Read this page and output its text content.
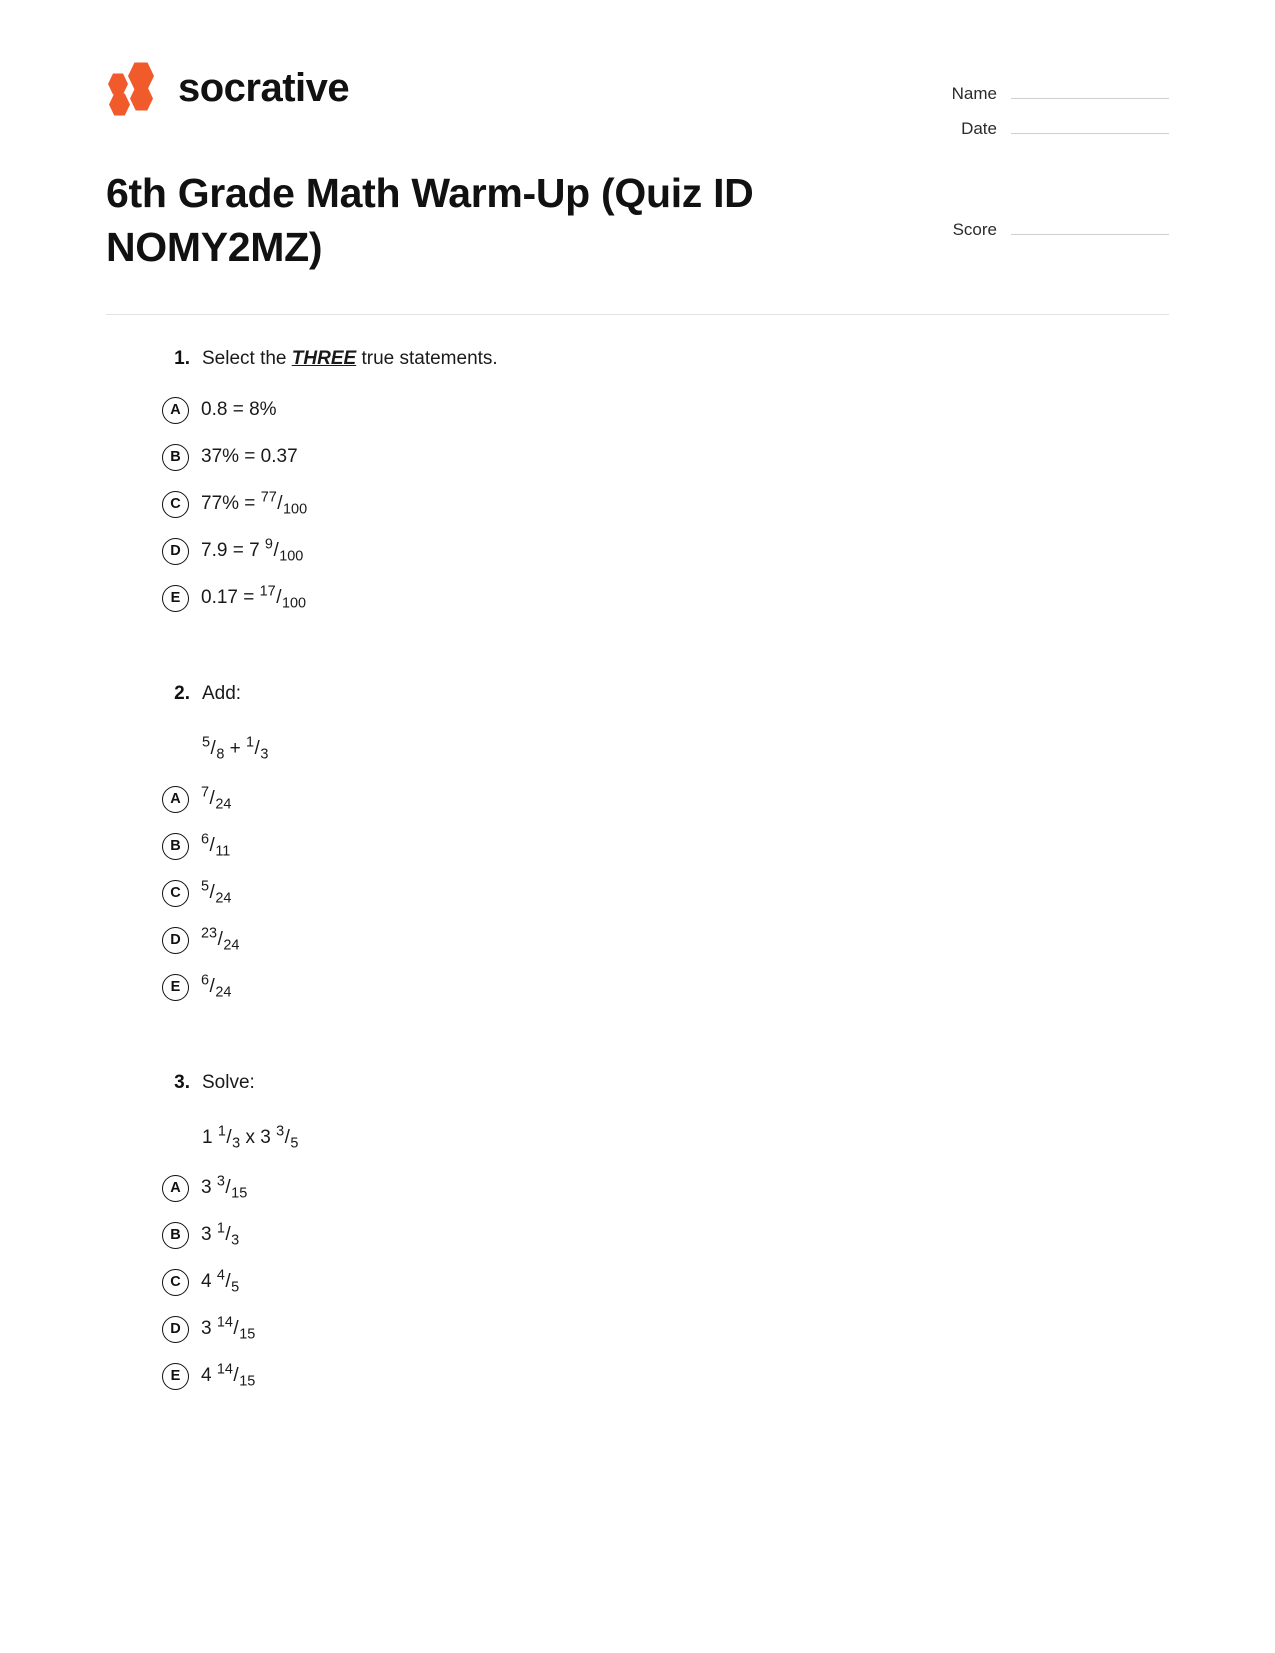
socrative
6th Grade Math Warm-Up (Quiz ID NOMY2MZ)
Name
Date
Score
1. Select the THREE true statements.
A	0.8 = 8%
B	37% = 0.37
C	$77\% = ^{77}/_{100}$
D	7.9 = 7 $^9/_{100}$
E	$0.17 = ^{17}/_{100}$
2. Add:
$^5/_8 + ^1/_3$
A	$^7/_{24}$
B	$^6/_{11}$
C	$^5/_{24}$
D	$^{23}/_{24}$
E	$^6/_{24}$
3. Solve:
1 $^1/_3$ x 3 $^3/_5$
A	3 $^3/_{15}$
B	3 $^1/_3$
C	4 $^4/_5$
D	3 $^{14}/_{15}$
E	4 $^{14}/_{15}$
